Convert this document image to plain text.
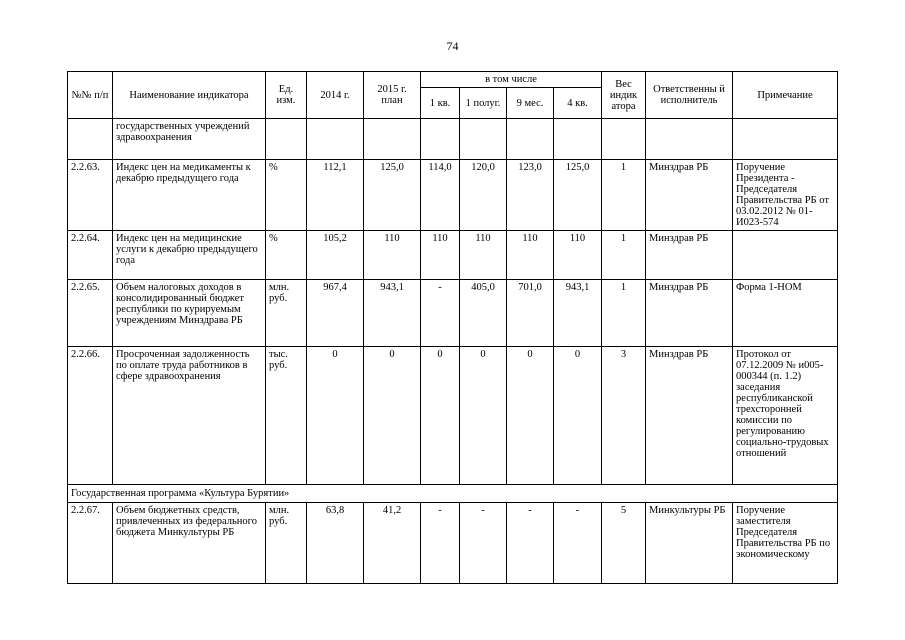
74
№№ п/п	Наименование индикатора	Ед. изм.	2014 г.	2015 г. план	в том числе				Вес индик атора	Ответственны й исполнитель	Примечание
					1 кв.	1 полуг.	9 мес.	4 кв.			
	государственных учреждений здравоохранения										
2.2.63.	Индекс цен на медикаменты к декабрю предыдущего года	%	112,1	125,0	114,0	120,0	123,0	125,0	1	Минздрав РБ	Поручение Президента - Председателя Правительства РБ от 03.02.2012 № 01-И023-574
2.2.64.	Индекс цен на медицинские услуги к декабрю предыдущего года	%	105,2	110	110	110	110	110	1	Минздрав РБ	
2.2.65.	Объем налоговых доходов в консолидированный бюджет республики по курируемым учреждениям Минздрава РБ	млн. руб.	967,4	943,1	-	405,0	701,0	943,1	1	Минздрав РБ	Форма 1-НОМ
2.2.66.	Просроченная задолженность по оплате труда работников в сфере здравоохранения	тыс. руб.	0	0	0	0	0	0	3	Минздрав РБ	Протокол от 07.12.2009 № и005-000344 (п. 1.2) заседания республиканской трехсторонней комиссии по регулированию социально-трудовых отношений
Государственная программа «Культура Бурятии»											
2.2.67.	Объем бюджетных средств, привлеченных из федерального бюджета Минкультуры РБ	млн. руб.	63,8	41,2	-	-	-	-	5	Минкультуры РБ	Поручение заместителя Председателя Правительства РБ по экономическому
